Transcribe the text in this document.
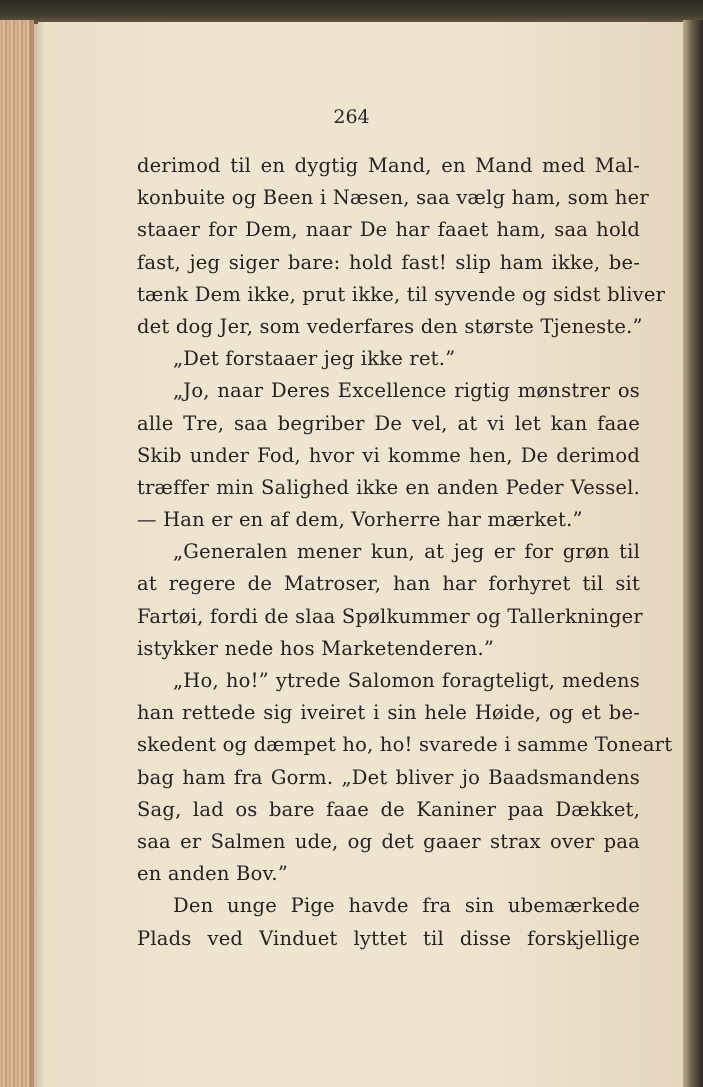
264

derimod til en dygtig Mand, en Mand med Mal-
konbuite og Been i Næsen, saa vælg ham, som her
staaer for Dem, naar De har faaet ham, saa hold
fast, jeg siger bare: hold fast! slip ham ikke, be-
tænk Dem ikke, prut ikke, til syvende og sidst bliver
det dog Jer, som vederfares den største Tjeneste.”
„Det forstaaer jeg ikke ret.”
„Jo, naar Deres Excellence rigtig mønstrer os
alle Tre, saa begriber De vel, at vi let kan faae
Skib under Fod, hvor vi komme hen, De derimod
træffer min Salighed ikke en anden Peder Vessel.
— Han er en af dem, Vorherre har mærket.”
„Generalen mener kun, at jeg er for grøn til
at regere de Matroser, han har forhyret til sit
Fartøi, fordi de slaa Spølkummer og Tallerkninger
istykker nede hos Marketenderen.”
„Ho, ho!” ytrede Salomon foragteligt, medens
han rettede sig iveiret i sin hele Høide, og et be-
skedent og dæmpet ho, ho! svarede i samme Toneart
bag ham fra Gorm. „Det bliver jo Baadsmandens
Sag, lad os bare faae de Kaniner paa Dækket,
saa er Salmen ude, og det gaaer strax over paa
en anden Bov.”
Den unge Pige havde fra sin ubemærkede
Plads ved Vinduet lyttet til disse forskjellige
